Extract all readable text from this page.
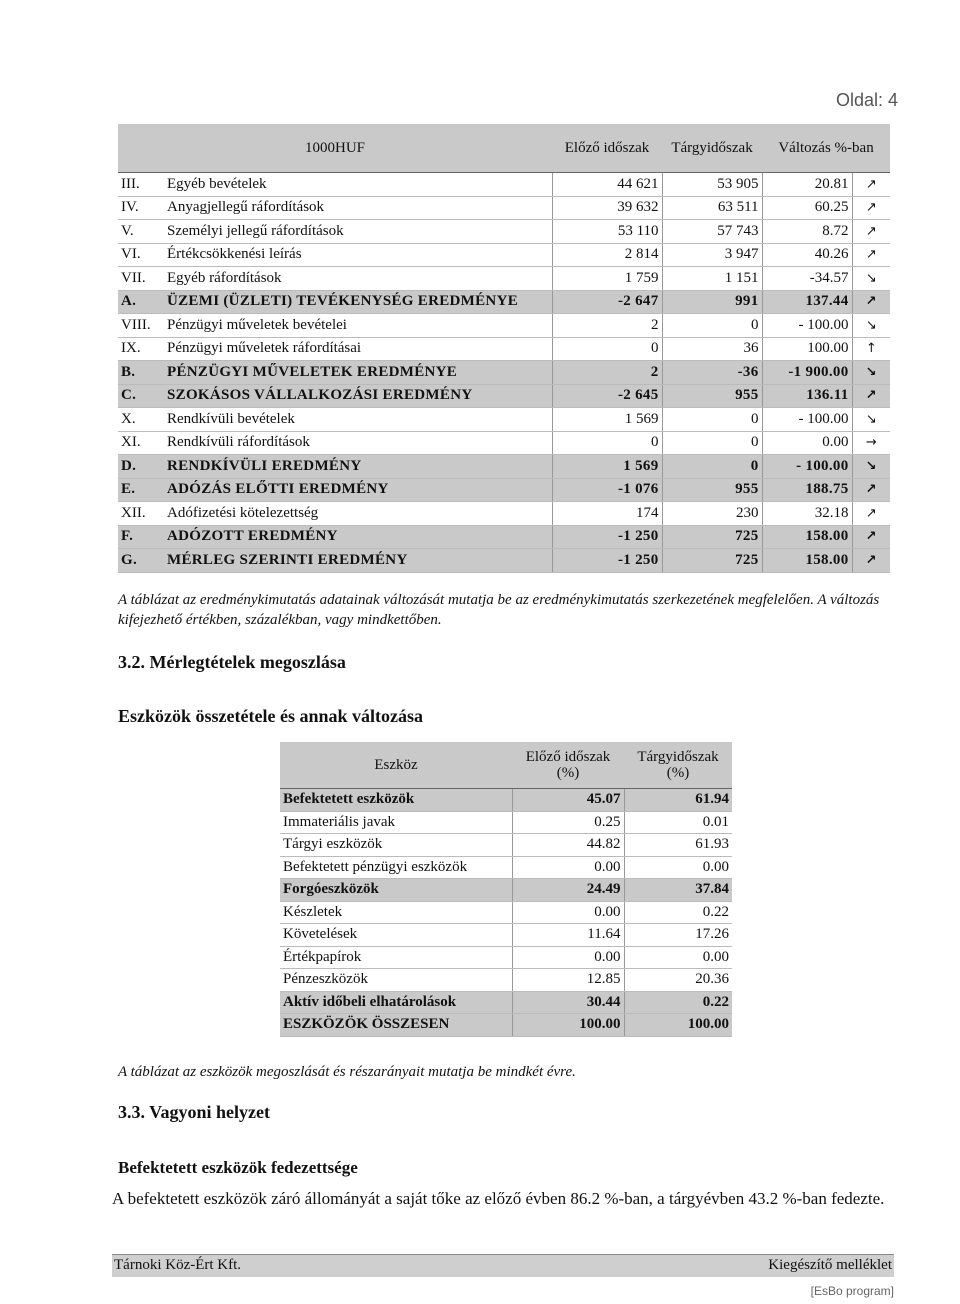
Oldal: 4
1000HUF		Előző időszak	Tárgyidőszak	Változás %-ban	
III.	Egyéb bevételek	44 621	53 905	20.81	↗
IV.	Anyagjellegű ráfordítások	39 632	63 511	60.25	↗
V.	Személyi jellegű ráfordítások	53 110	57 743	8.72	↗
VI.	Értékcsökkenési leírás	2 814	3 947	40.26	↗
VII.	Egyéb ráfordítások	1 759	1 151	-34.57	↘
A.	ÜZEMI (ÜZLETI) TEVÉKENYSÉG EREDMÉNYE	-2 647	991	137.44	↗
VIII.	Pénzügyi műveletek bevételei	2	0	- 100.00	↘
IX.	Pénzügyi műveletek ráfordításai	0	36	100.00	↑
B.	PÉNZÜGYI MŰVELETEK EREDMÉNYE	2	-36	-1 900.00	↘
C.	SZOKÁSOS VÁLLALKOZÁSI EREDMÉNY	-2 645	955	136.11	↗
X.	Rendkívüli bevételek	1 569	0	- 100.00	↘
XI.	Rendkívüli ráfordítások	0	0	0.00	→
D.	RENDKÍVÜLI EREDMÉNY	1 569	0	- 100.00	↘
E.	ADÓZÁS ELŐTTI EREDMÉNY	-1 076	955	188.75	↗
XII.	Adófizetési kötelezettség	174	230	32.18	↗
F.	ADÓZOTT EREDMÉNY	-1 250	725	158.00	↗
G.	MÉRLEG SZERINTI EREDMÉNY	-1 250	725	158.00	↗
A táblázat az eredménykimutatás adatainak változását mutatja be az eredménykimutatás szerkezetének megfelelően. A változás kifejezhető értékben, százalékban, vagy mindkettőben.
3.2. Mérlegtételek megoszlása
Eszközök összetétele és annak változása
Eszköz	Előző időszak (%)	Tárgyidőszak (%)
Befektetett eszközök	45.07	61.94
Immateriális javak	0.25	0.01
Tárgyi eszközök	44.82	61.93
Befektetett pénzügyi eszközök	0.00	0.00
Forgóeszközök	24.49	37.84
Készletek	0.00	0.22
Követelések	11.64	17.26
Értékpapírok	0.00	0.00
Pénzeszközök	12.85	20.36
Aktív időbeli elhatárolások	30.44	0.22
ESZKÖZÖK ÖSSZESEN	100.00	100.00
A táblázat az eszközök megoszlását és részarányait mutatja be mindkét évre.
3.3. Vagyoni helyzet
Befektetett eszközök fedezettsége
A befektetett eszközök záró állományát a saját tőke az előző évben 86.2 %-ban, a tárgyévben 43.2 %-ban fedezte.
Tárnoki Köz-Ért Kft.	Kiegészítő melléklet
[EsBo program]
